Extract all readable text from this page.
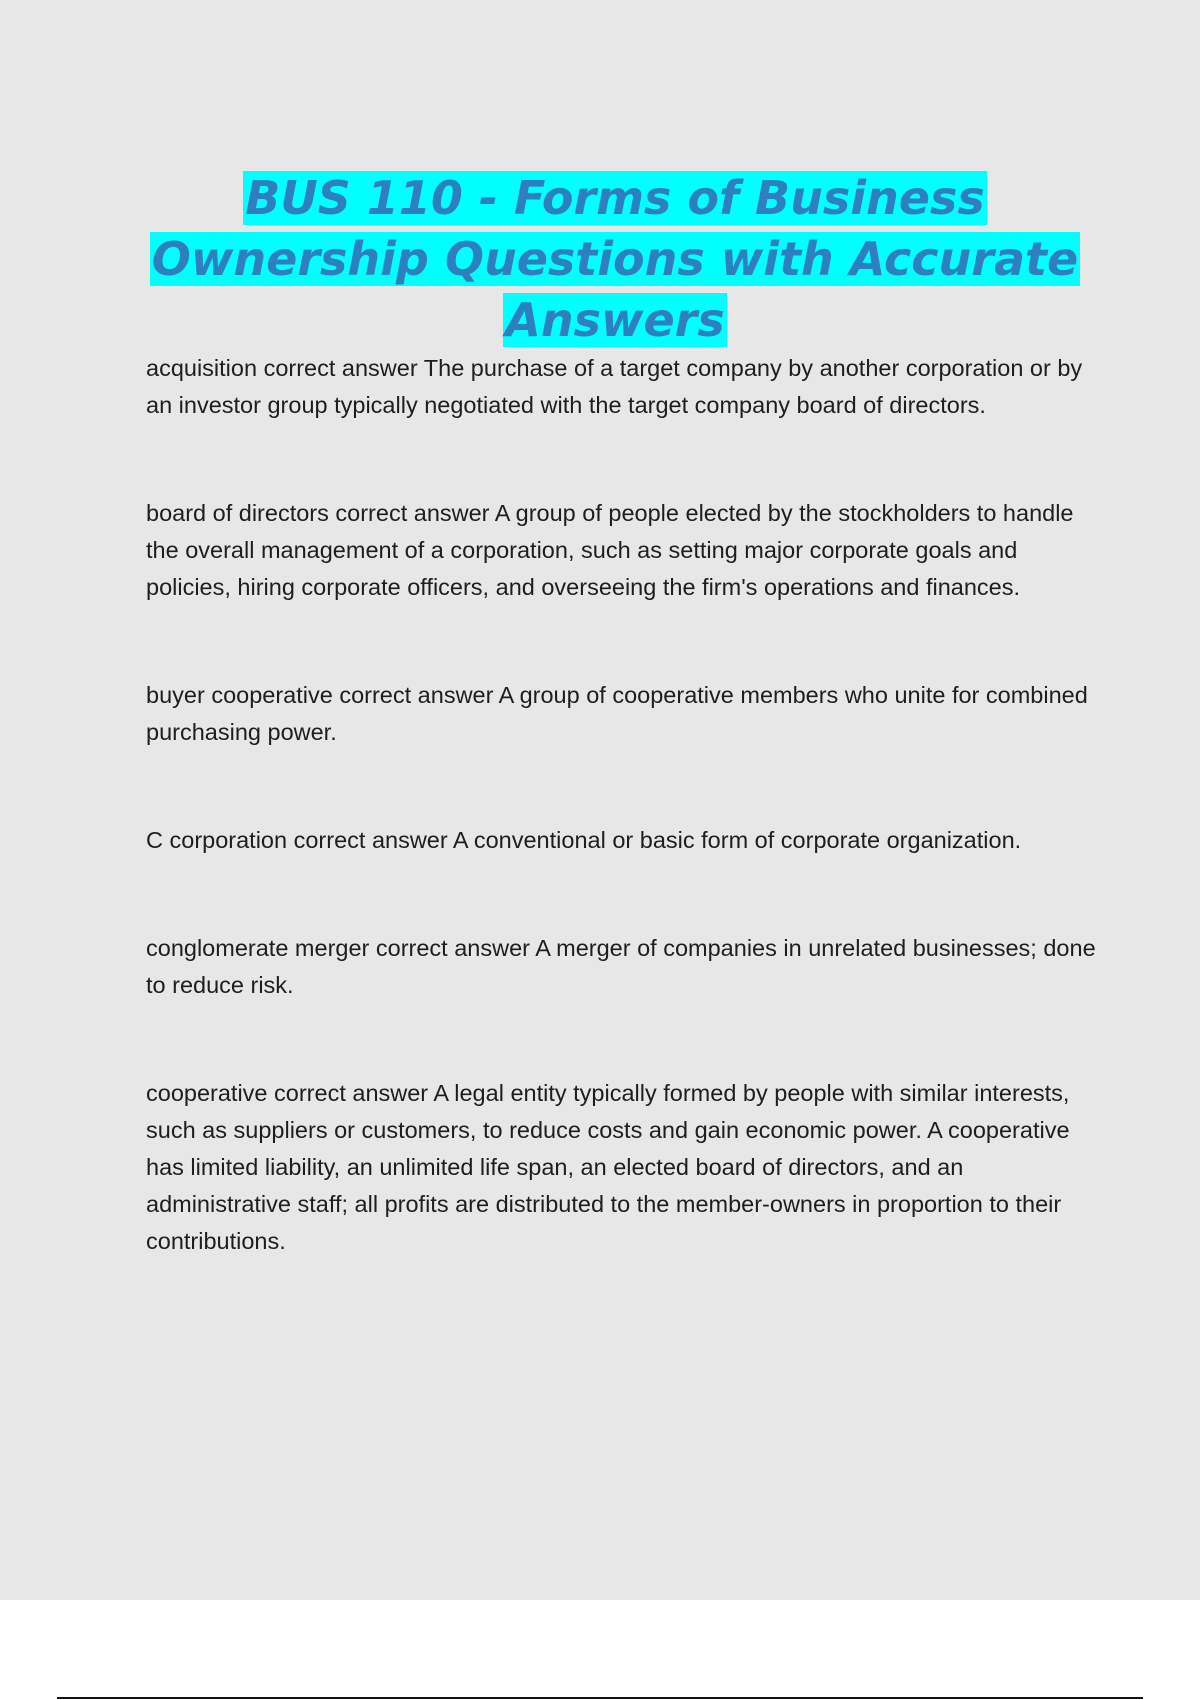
BUS 110 - Forms of Business Ownership Questions with Accurate Answers

acquisition correct answer The purchase of a target company by another corporation or by an investor group typically negotiated with the target company board of directors.

board of directors correct answer A group of people elected by the stockholders to handle the overall management of a corporation, such as setting major corporate goals and policies, hiring corporate officers, and overseeing the firm's operations and finances.

buyer cooperative correct answer A group of cooperative members who unite for combined purchasing power.

C corporation correct answer A conventional or basic form of corporate organization.

conglomerate merger correct answer A merger of companies in unrelated businesses; done to reduce risk.

cooperative correct answer A legal entity typically formed by people with similar interests, such as suppliers or customers, to reduce costs and gain economic power. A cooperative has limited liability, an unlimited life span, an elected board of directors, and an administrative staff; all profits are distributed to the member-owners in proportion to their contributions.
